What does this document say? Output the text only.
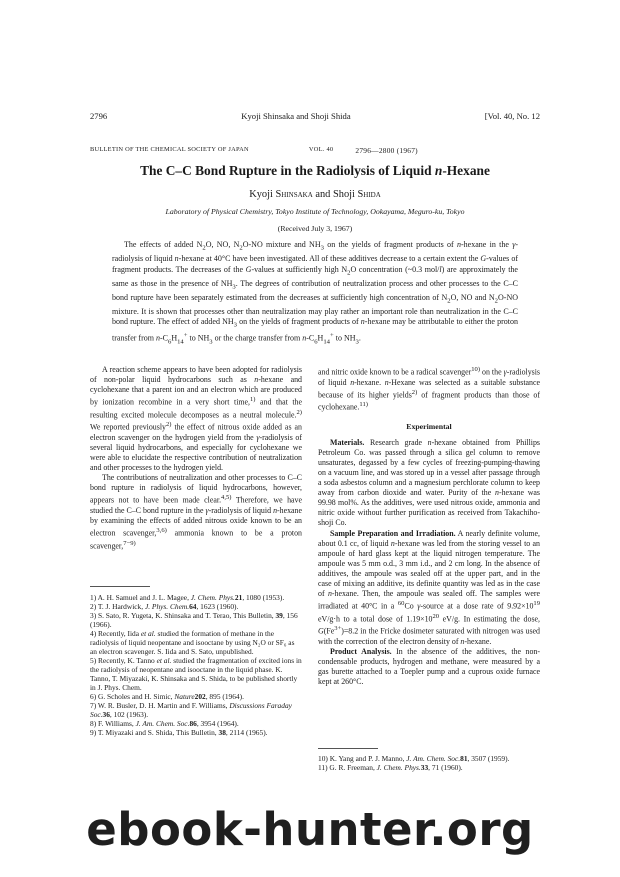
2796	Kyoji Shinsaka and Shoji Shida	[Vol. 40, No. 12
BULLETIN OF THE CHEMICAL SOCIETY OF JAPAN	VOL. 40	2796—2800 (1967)
The C–C Bond Rupture in the Radiolysis of Liquid n-Hexane
Kyoji Shinsaka and Shoji Shida
Laboratory of Physical Chemistry, Tokyo Institute of Technology, Ookayama, Meguro-ku, Tokyo
(Received July 3, 1967)
The effects of added $N_2O$, NO, $N_2O-NO$ mixture and $NH_3$ on the yields of fragment products of n-hexane in the γ-radiolysis of liquid n-hexane at 40°C have been investigated. All of these additives decrease to a certain extent the G-values of fragment products. The decreases of the G-values at sufficiently high $N_2O$ concentration (~0.3 mol/l) are approximately the same as those in the presence of $NH_3$. The degrees of contribution of neutralization process and other processes to the C–C bond rupture have been separately estimated from the decreases at sufficiently high concentration of $N_2O$, NO and $N_2O-NO$ mixture. It is shown that processes other than neutralization may play rather an important role than neutralization in the C–C bond rupture. The effect of added $NH_3$ on the yields of fragment products of n-hexane may be attributable to either the proton transfer from $n-C_6H_{14}^+$ to $NH_3$ or the charge transfer from $n-C_6H_{14}^+$ to $NH_3$.

A reaction scheme appears to have been adopted for radiolysis of non-polar liquid hydrocarbons such as n-hexane and cyclohexane that a parent ion and an electron which are produced by ionization recombine in a very short time,$^{1)}$ and that the resulting excited molecule decomposes as a neutral molecule.$^{2)}$ We reported previously$^{2)}$ the effect of nitrous oxide added as an electron scavenger on the hydrogen yield from the γ-radiolysis of several liquid hydrocarbons, and especially for cyclohexane we were able to elucidate the respective contribution of neutralization and other processes to the hydrogen yield.

The contributions of neutralization and other processes to C–C bond rupture in radiolysis of liquid hydrocarbons, however, appears not to have been made clear.$^{4,5)}$ Therefore, we have studied the C–C bond rupture in the γ-radiolysis of liquid n-hexane by examining the effects of added nitrous oxide known to be an electron scavenger,$^{3,6)}$ ammonia known to be a proton scavenger,$^{7-9)}$

1) A. H. Samuel and J. L. Magee, J. Chem. Phys.21, 1080 (1953).

2) T. J. Hardwick, J. Phys. Chem.64, 1623 (1960).

3) S. Sato, R. Yugeta, K. Shinsaka and T. Terao, This Bulletin, 39, 156 (1966).

4) Recently, Iida et al. studied the formation of methane in the radiolysis of liquid neopentane and isooctane by using N₂O or SF₆ as an electron scavenger. S. Iida and S. Sato, unpublished.

5) Recently, K. Tanno et al. studied the fragmentation of excited ions in the radiolysis of neopentane and isooctane in the liquid phase. K. Tanno, T. Miyazaki, K. Shinsaka and S. Shida, to be published shortly in J. Phys. Chem.

6) G. Scholes and H. Simic, Nature202, 895 (1964).

7) W. R. Busler, D. H. Martin and F. Williams, Discussions Faraday Soc.36, 102 (1963).

8) F. Williams, J. Am. Chem. Soc.86, 3954 (1964).

9) T. Miyazaki and S. Shida, This Bulletin, 38, 2114 (1965).

and nitric oxide known to be a radical scavenger$^{10)}$ on the γ-radiolysis of liquid n-hexane. n-Hexane was selected as a suitable substance because of its higher yields$^{2)}$ of fragment products than those of cyclohexane.$^{11)}$

Experimental

Materials. Research grade n-hexane obtained from Phillips Petroleum Co. was passed through a silica gel column to remove unsaturates, degassed by a few cycles of freezing-pumping-thawing on a vacuum line, and was stored up in a vessel after passage through a soda asbestos column and a magnesium perchlorate column to keep away from carbon dioxide and water. Purity of the n-hexane was 99.98 mol%. As the additives, were used nitrous oxide, ammonia and nitric oxide without further purification as received from Takachiho-shoji Co.

Sample Preparation and Irradiation. A nearly definite volume, about 0.1 cc, of liquid n-hexane was led from the storing vessel to an ampoule of hard glass kept at the liquid nitrogen temperature. The ampoule was 5 mm o.d., 3 mm i.d., and 2 cm long. In the absence of additives, the ampoule was sealed off at the upper part, and in the case of mixing an additive, its definite quantity was led as in the case of n-hexane. Then, the ampoule was sealed off. The samples were irradiated at 40°C in a $^{60}$Co γ-source at a dose rate of $9.92\times 10^{19}$ eV/g·h to a total dose of $1.19\times 10^{20}$ eV/g. In estimating the dose, $G(Fe^{3+})=8.2$ in the Fricke dosimeter saturated with nitrogen was used with the correction of the electron density of n-hexane.

Product Analysis. In the absence of the additives, the non-condensable products, hydrogen and methane, were measured by a gas burette attached to a Toepler pump and a cuprous oxide furnace kept at 260°C.

10) K. Yang and P. J. Manno, J. Am. Chem. Soc.81, 3507 (1959).

11) G. R. Freeman, J. Chem. Phys.33, 71 (1960).

ebook-hunter.org
